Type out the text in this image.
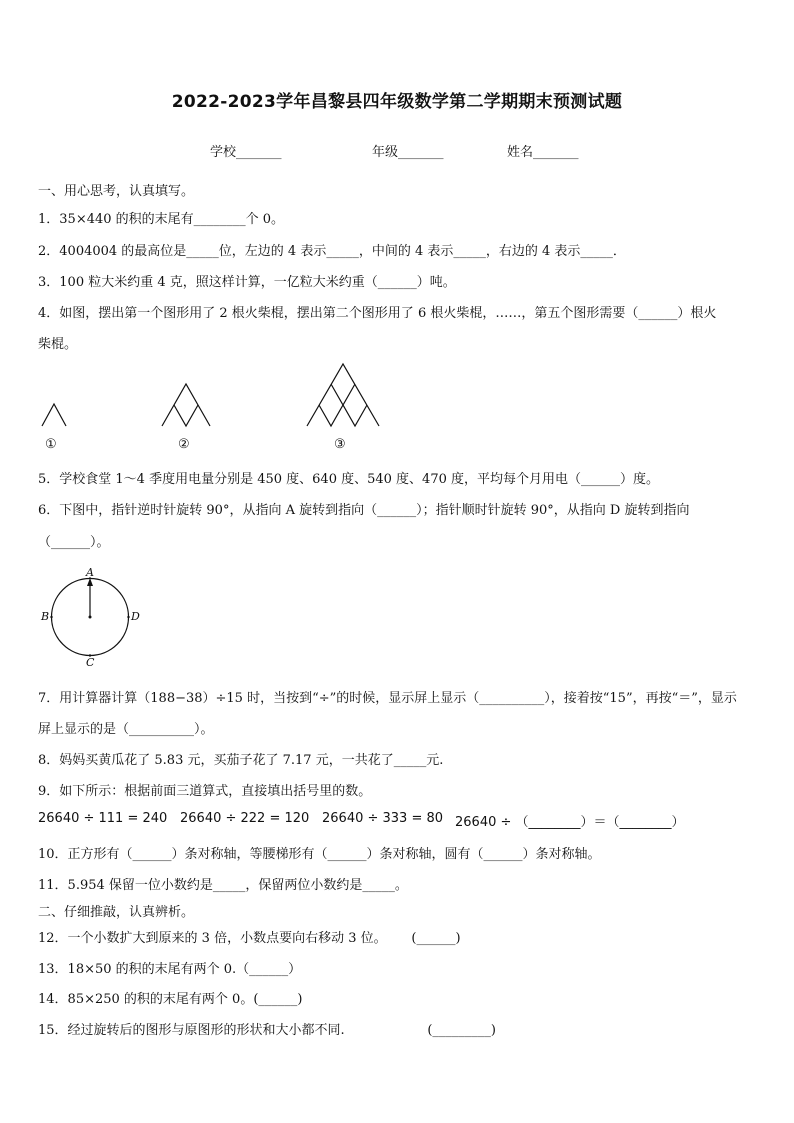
2022-2023学年昌黎县四年级数学第二学期期末预测试题
学校_______	年级_______	姓名_______
一、用心思考，认真填写。
1．35×440 的积的末尾有________个 0。
2．4004004 的最高位是_____位，左边的 4 表示_____，中间的 4 表示_____，右边的 4 表示_____．
3．100 粒大米约重 4 克，照这样计算，一亿粒大米约重（______）吨。
4．如图，摆出第一个图形用了 2 根火柴棍，摆出第二个图形用了 6 根火柴棍，……，第五个图形需要（______）根火
柴棍。
①	②	③
5．学校食堂 1～4 季度用电量分别是 450 度、640 度、540 度、470 度，平均每个月用电（______）度。
6．下图中，指针逆时针旋转 90°，从指向 A 旋转到指向（______）；指针顺时针旋转 90°，从指向 D 旋转到指向
（______）。
A
B
C
D
7．用计算器计算（188−38）÷15 时，当按到“÷”的时候，显示屏上显示（__________），接着按“15”，再按“＝”，显示
屏上显示的是（__________）。
8．妈妈买黄瓜花了 5.83 元，买茄子花了 7.17 元，一共花了_____元.
9．如下所示：根据前面三道算式，直接填出括号里的数。
26640 ÷ 111 = 240 26640 ÷ 222 = 120 26640 ÷ 333 = 80 26640 ÷ （________）＝（________）
10．正方形有（______）条对称轴，等腰梯形有（______）条对称轴，圆有（______）条对称轴。
11．5.954 保留一位小数约是_____，保留两位小数约是_____。
二、仔细推敲，认真辨析。
12．一个小数扩大到原来的 3 倍，小数点要向右移动 3 位。      (______)
13．18×50 的积的末尾有两个 0.（______）
14．85×250 的积的末尾有两个 0。(______)
15．经过旋转后的图形与原图形的形状和大小都不同.                    (_________)
